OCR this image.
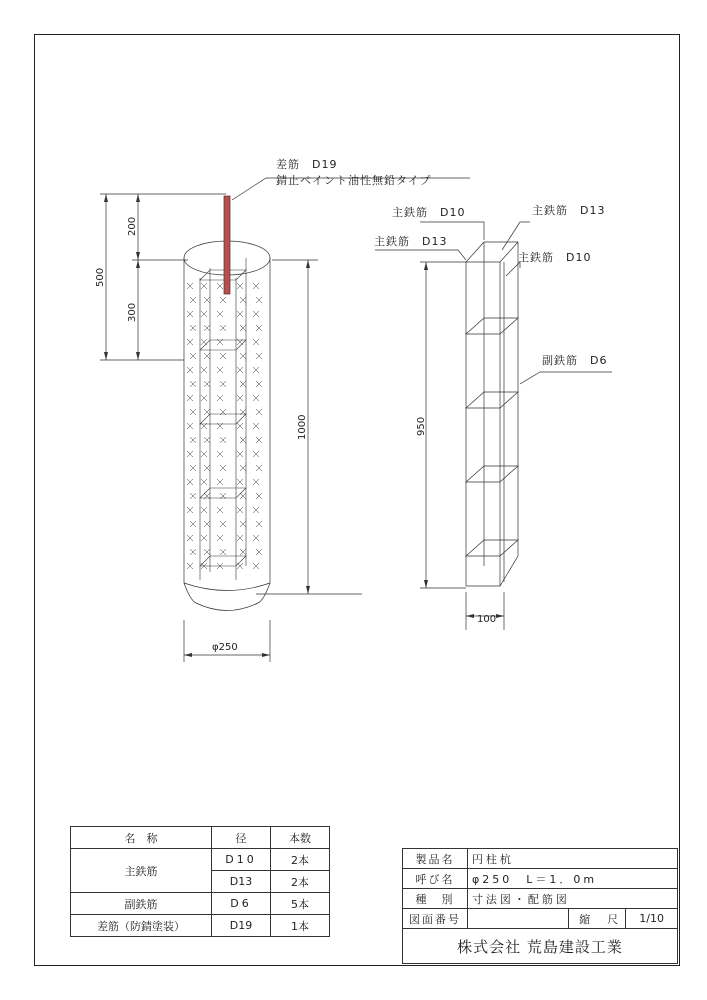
200
300
500
1000
φ250
差筋　D19
錆止ペイント油性無鉛タイプ
主鉄筋　D10	主鉄筋　D13
主鉄筋　D13
主鉄筋　D10
副鉄筋　D6
950
100
名　称	径	本数
主鉄筋	D10	2本
	D13	2本
副鉄筋	D6	5本
差筋（防錆塗装）	D19	1本
製品名	円柱杭		
呼び名	φ250　L＝1．0m		
種　別	寸法図・配筋図		
図面番号		縮　尺	1/10
株式会社 荒島建設工業			
